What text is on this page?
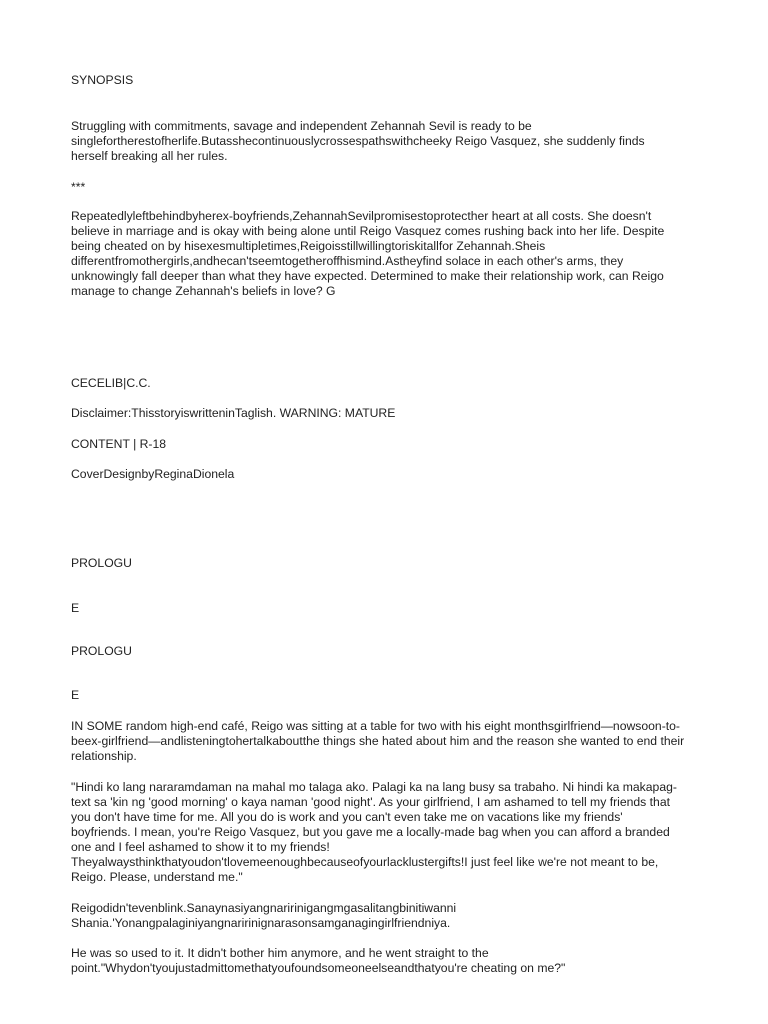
SYNOPSIS
Struggling with commitments, savage and independent Zehannah Sevil is ready to be
singlefortherestofherlife.Butasshecontinuouslycrossespathswithcheeky Reigo Vasquez, she suddenly finds
herself breaking all her rules.
***
Repeatedlyleftbehindbyherex-boyfriends,ZehannahSevilpromisestoprotecther heart at all costs. She doesn't
believe in marriage and is okay with being alone until Reigo Vasquez comes rushing back into her life. Despite
being cheated on by hisexesmultipletimes,Reigoisstillwillingtoriskitallfor Zehannah.Sheis
differentfromothergirls,andhecan'tseemtogetheroffhismind.Astheyfind solace in each other's arms, they
unknowingly fall deeper than what they have expected. Determined to make their relationship work, can Reigo
manage to change Zehannah's beliefs in love? G
CECELIB|C.C.
Disclaimer:ThisstoryiswritteninTaglish. WARNING: MATURE
CONTENT | R-18
CoverDesignbyReginaDionela
PROLOGU
E
PROLOGU
E
IN SOME random high-end café, Reigo was sitting at a table for two with his eight monthsgirlfriend—nowsoon-to-
beex-girlfriend—andlisteningtohertalkaboutthe things she hated about him and the reason she wanted to end their
relationship.
"Hindi ko lang nararamdaman na mahal mo talaga ako. Palagi ka na lang busy sa trabaho. Ni hindi ka makapag-
text sa 'kin ng 'good morning' o kaya naman 'good night'. As your girlfriend, I am ashamed to tell my friends that
you don't have time for me. All you do is work and you can't even take me on vacations like my friends'
boyfriends. I mean, you're Reigo Vasquez, but you gave me a locally-made bag when you can afford a branded
one and I feel ashamed to show it to my friends!
Theyalwaysthinkthatyoudon'tlovemeenoughbecauseofyourlacklustergifts!I just feel like we're not meant to be,
Reigo. Please, understand me."
Reigodidn'tevenblink.Sanaynasiyangnaririnigangmgasalitangbinitiwanni
Shania.'Yonangpalaginiyangnaririnignarasonsamganagingirlfriendniya.
He was so used to it. It didn't bother him anymore, and he went straight to the
point."Whydon'tyoujustadmittomethatyoufoundsomeoneelseandthatyou're cheating on me?"
